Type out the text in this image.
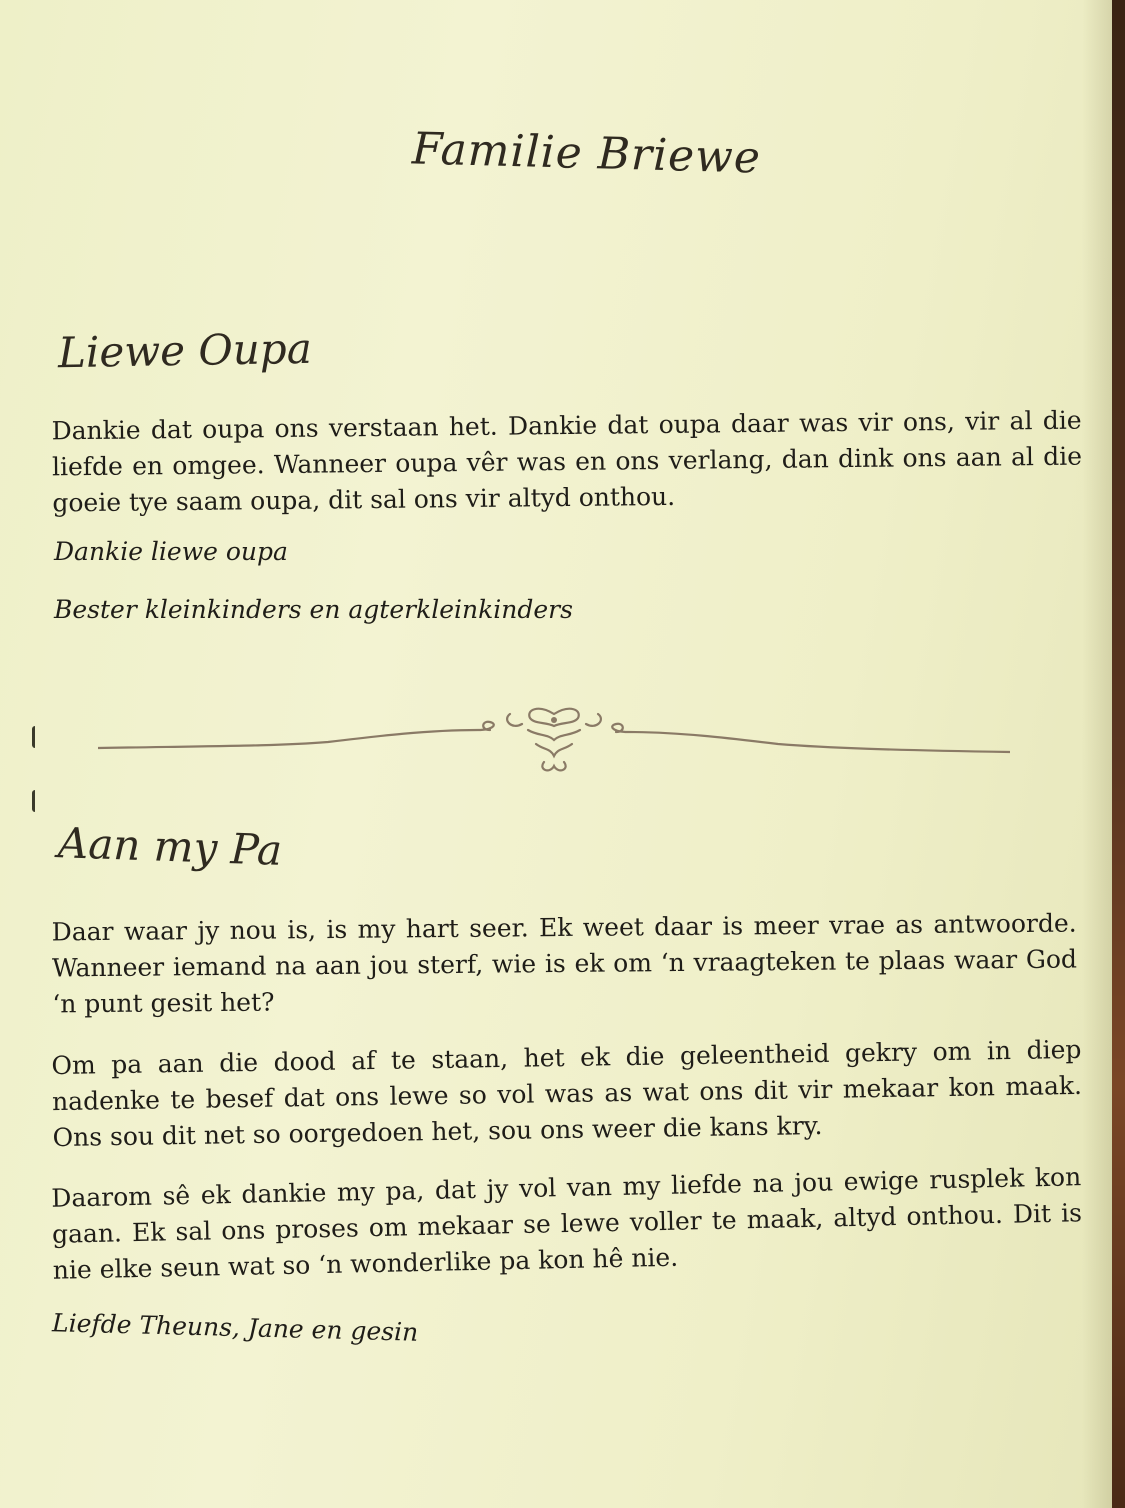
Familie Briewe
Liewe Oupa

Dankie dat oupa ons verstaan het. Dankie dat oupa daar was vir ons, vir al die liefde en omgee. Wanneer oupa vêr was en ons verlang, dan dink ons aan al die goeie tye saam oupa, dit sal ons vir altyd onthou.

Dankie liewe oupa

Bester kleinkinders en agterkleinkinders

Aan my Pa

Daar waar jy nou is, is my hart seer. Ek weet daar is meer vrae as antwoorde. Wanneer iemand na aan jou sterf, wie is ek om ‘n vraagteken te plaas waar God ‘n punt gesit het?

Om pa aan die dood af te staan, het ek die geleentheid gekry om in diep nadenke te besef dat ons lewe so vol was as wat ons dit vir mekaar kon maak. Ons sou dit net so oorgedoen het, sou ons weer die kans kry.

Daarom sê ek dankie my pa, dat jy vol van my liefde na jou ewige rusplek kon gaan. Ek sal ons proses om mekaar se lewe voller te maak, altyd onthou. Dit is nie elke seun wat so ‘n wonderlike pa kon hê nie.

Liefde Theuns, Jane en gesin
